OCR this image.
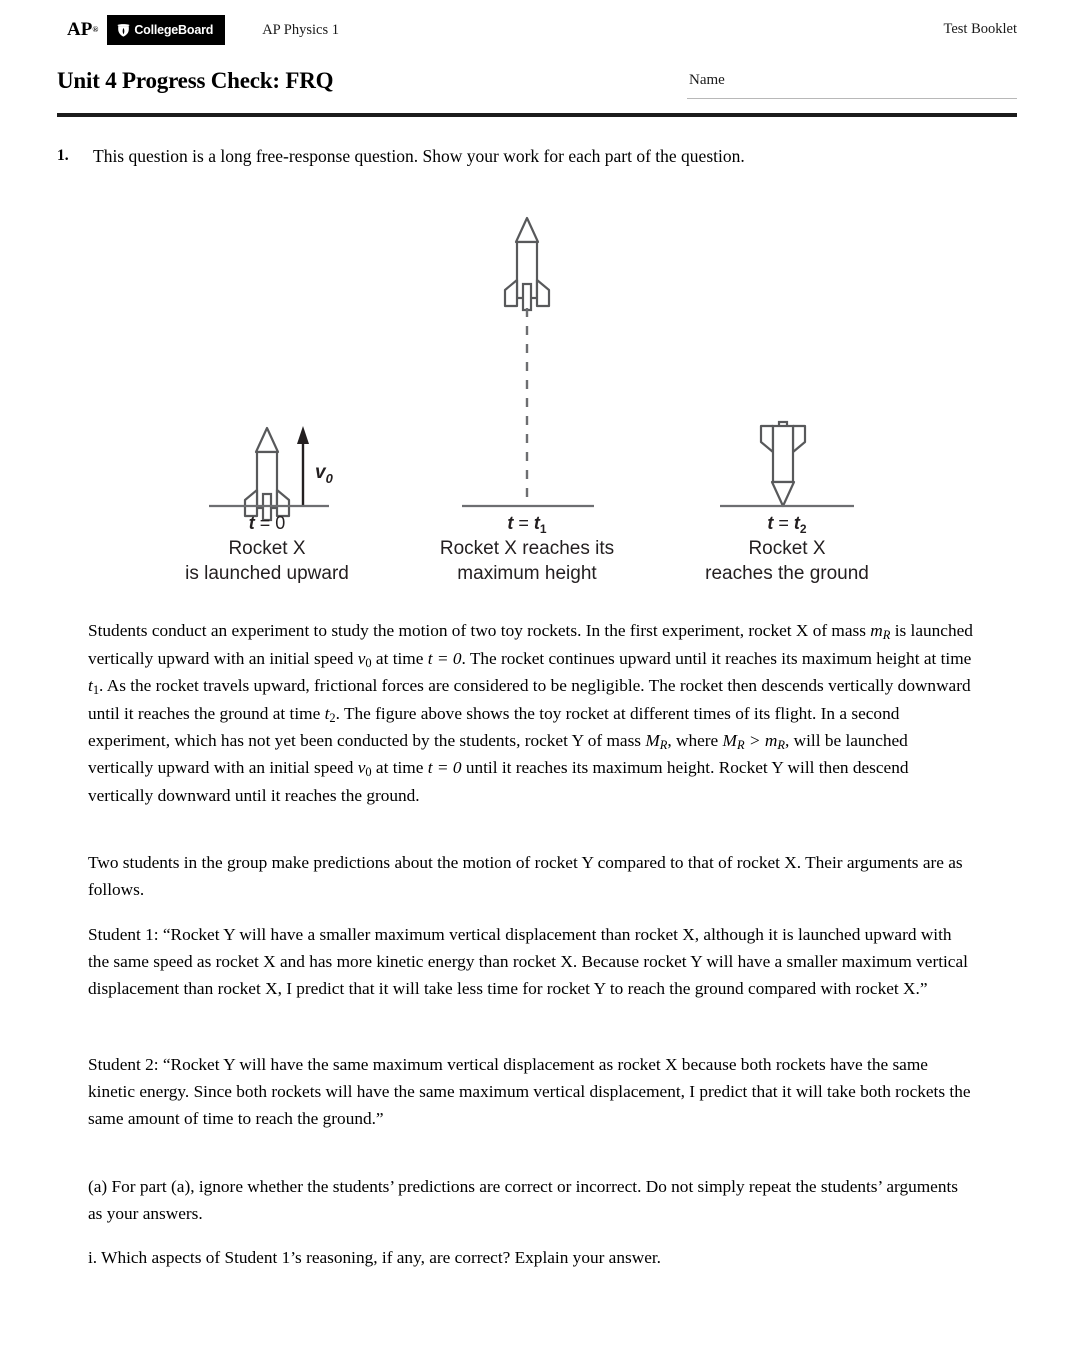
AP ®	CollegeBoard	AP Physics 1	Test Booklet
Unit 4 Progress Check: FRQ	Name
1.	This question is a long free-response question. Show your work for each part of the question.
$t = t_1$
Rocket X reaches its
maximum height
$v_0$
t = 0
Rocket X
is launched upward
$t = t_2$
Rocket X
reaches the ground

Students conduct an experiment to study the motion of two toy rockets. In the first experiment, rocket X of mass $m_R$ is launched vertically upward with an initial speed $v_0$ at time t = 0. The rocket continues upward until it reaches its maximum height at time $t_1$. As the rocket travels upward, frictional forces are considered to be negligible. The rocket then descends vertically downward until it reaches the ground at time $t_2$. The figure above shows the toy rocket at different times of its flight. In a second experiment, which has not yet been conducted by the students, rocket Y of mass $M_R$, where $M_R > m_R$, will be launched vertically upward with an initial speed $v_0$ at time t = 0 until it reaches its maximum height. Rocket Y will then descend vertically downward until it reaches the ground.

Two students in the group make predictions about the motion of rocket Y compared to that of rocket X. Their arguments are as follows.

Student 1: “Rocket Y will have a smaller maximum vertical displacement than rocket X, although it is launched upward with the same speed as rocket X and has more kinetic energy than rocket X. Because rocket Y will have a smaller maximum vertical displacement than rocket X, I predict that it will take less time for rocket Y to reach the ground compared with rocket X.”

Student 2: “Rocket Y will have the same maximum vertical displacement as rocket X because both rockets have the same kinetic energy. Since both rockets will have the same maximum vertical displacement, I predict that it will take both rockets the same amount of time to reach the ground.”

(a) For part (a), ignore whether the students’ predictions are correct or incorrect. Do not simply repeat the students’ arguments as your answers.

i. Which aspects of Student 1’s reasoning, if any, are correct? Explain your answer.
